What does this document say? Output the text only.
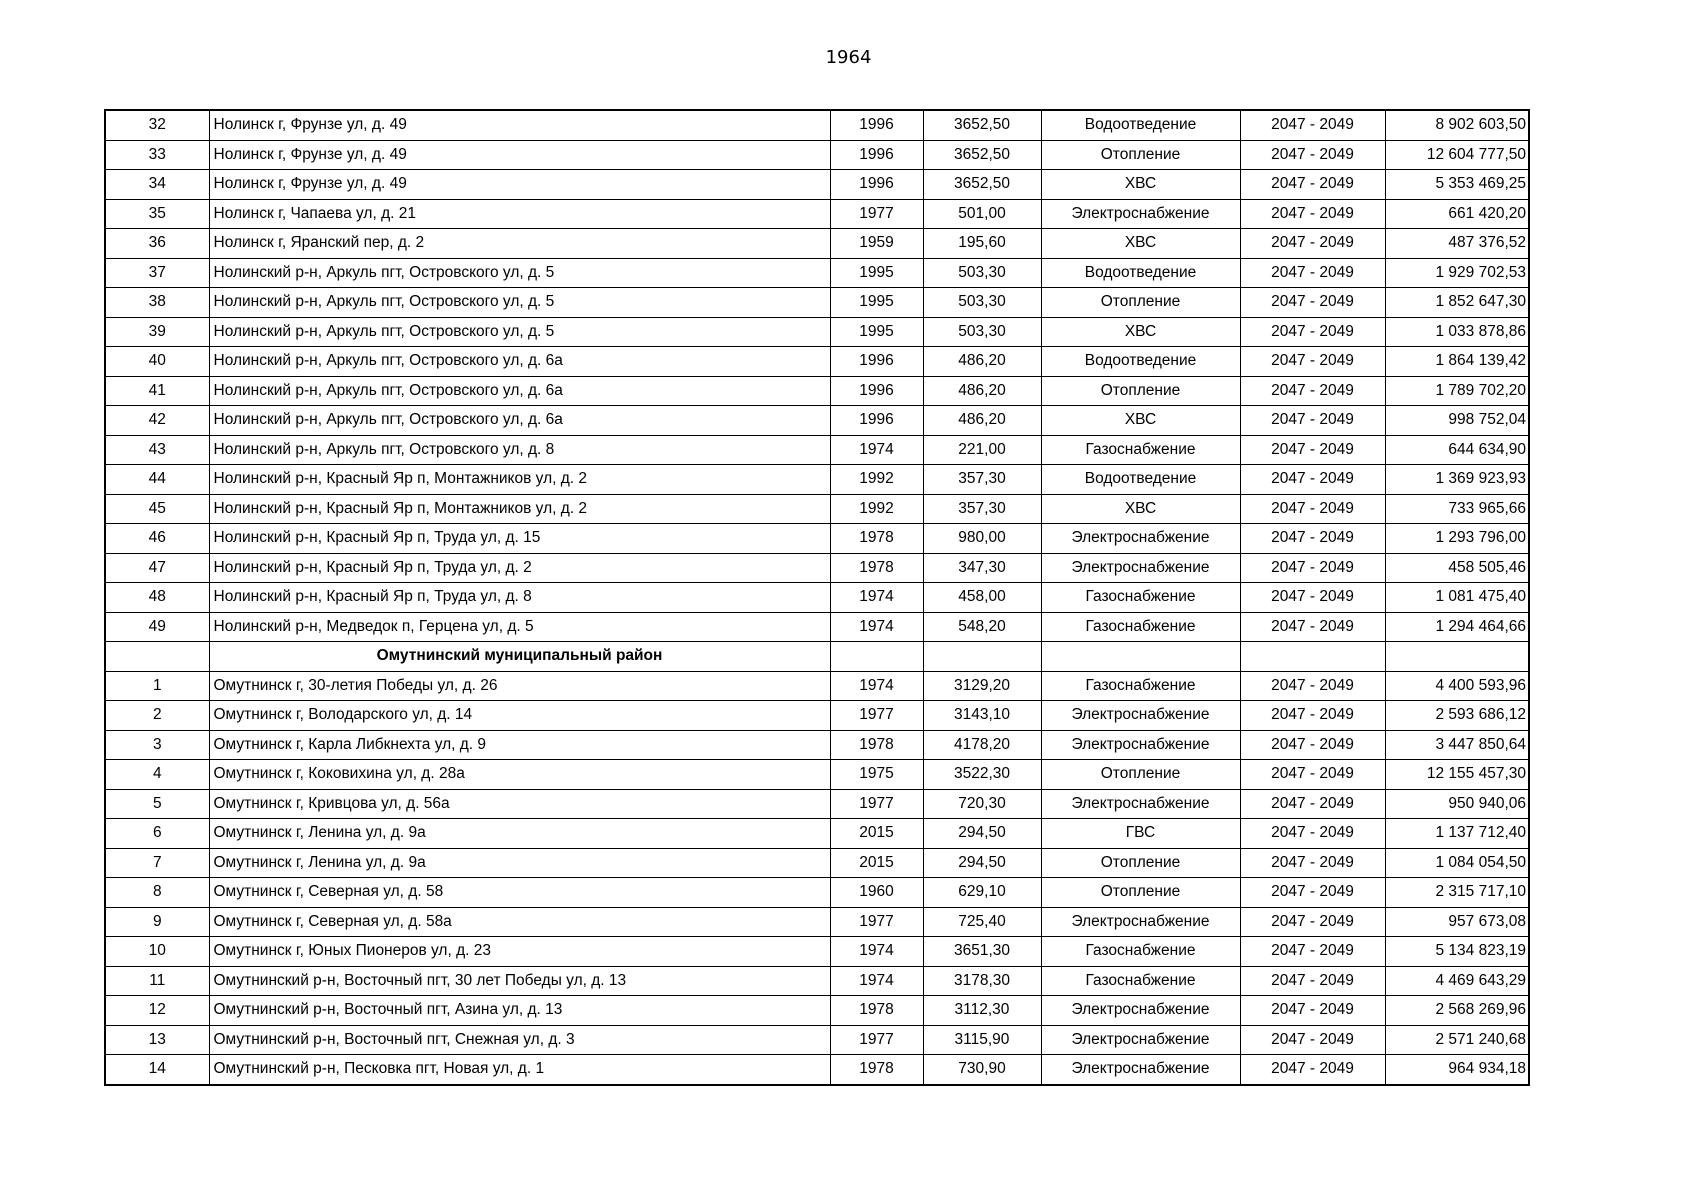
1964
32	Нолинск г, Фрунзе ул, д. 49	1996	3652,50	Водоотведение	2047 - 2049	8 902 603,50
33	Нолинск г, Фрунзе ул, д. 49	1996	3652,50	Отопление	2047 - 2049	12 604 777,50
34	Нолинск г, Фрунзе ул, д. 49	1996	3652,50	ХВС	2047 - 2049	5 353 469,25
35	Нолинск г, Чапаева ул, д. 21	1977	501,00	Электроснабжение	2047 - 2049	661 420,20
36	Нолинск г, Яранский пер, д. 2	1959	195,60	ХВС	2047 - 2049	487 376,52
37	Нолинский р-н, Аркуль пгт, Островского ул, д. 5	1995	503,30	Водоотведение	2047 - 2049	1 929 702,53
38	Нолинский р-н, Аркуль пгт, Островского ул, д. 5	1995	503,30	Отопление	2047 - 2049	1 852 647,30
39	Нолинский р-н, Аркуль пгт, Островского ул, д. 5	1995	503,30	ХВС	2047 - 2049	1 033 878,86
40	Нолинский р-н, Аркуль пгт, Островского ул, д. 6а	1996	486,20	Водоотведение	2047 - 2049	1 864 139,42
41	Нолинский р-н, Аркуль пгт, Островского ул, д. 6а	1996	486,20	Отопление	2047 - 2049	1 789 702,20
42	Нолинский р-н, Аркуль пгт, Островского ул, д. 6а	1996	486,20	ХВС	2047 - 2049	998 752,04
43	Нолинский р-н, Аркуль пгт, Островского ул, д. 8	1974	221,00	Газоснабжение	2047 - 2049	644 634,90
44	Нолинский р-н, Красный Яр п, Монтажников ул, д. 2	1992	357,30	Водоотведение	2047 - 2049	1 369 923,93
45	Нолинский р-н, Красный Яр п, Монтажников ул, д. 2	1992	357,30	ХВС	2047 - 2049	733 965,66
46	Нолинский р-н, Красный Яр п, Труда ул, д. 15	1978	980,00	Электроснабжение	2047 - 2049	1 293 796,00
47	Нолинский р-н, Красный Яр п, Труда ул, д. 2	1978	347,30	Электроснабжение	2047 - 2049	458 505,46
48	Нолинский р-н, Красный Яр п, Труда ул, д. 8	1974	458,00	Газоснабжение	2047 - 2049	1 081 475,40
49	Нолинский р-н, Медведок п, Герцена ул, д. 5	1974	548,20	Газоснабжение	2047 - 2049	1 294 464,66
	Омутнинский муниципальный район					
1	Омутнинск г, 30-летия Победы ул, д. 26	1974	3129,20	Газоснабжение	2047 - 2049	4 400 593,96
2	Омутнинск г, Володарского ул, д. 14	1977	3143,10	Электроснабжение	2047 - 2049	2 593 686,12
3	Омутнинск г, Карла Либкнехта ул, д. 9	1978	4178,20	Электроснабжение	2047 - 2049	3 447 850,64
4	Омутнинск г, Коковихина ул, д. 28а	1975	3522,30	Отопление	2047 - 2049	12 155 457,30
5	Омутнинск г, Кривцова ул, д. 56а	1977	720,30	Электроснабжение	2047 - 2049	950 940,06
6	Омутнинск г, Ленина ул, д. 9а	2015	294,50	ГВС	2047 - 2049	1 137 712,40
7	Омутнинск г, Ленина ул, д. 9а	2015	294,50	Отопление	2047 - 2049	1 084 054,50
8	Омутнинск г, Северная ул, д. 58	1960	629,10	Отопление	2047 - 2049	2 315 717,10
9	Омутнинск г, Северная ул, д. 58а	1977	725,40	Электроснабжение	2047 - 2049	957 673,08
10	Омутнинск г, Юных Пионеров ул, д. 23	1974	3651,30	Газоснабжение	2047 - 2049	5 134 823,19
11	Омутнинский р-н, Восточный пгт, 30 лет Победы ул, д. 13	1974	3178,30	Газоснабжение	2047 - 2049	4 469 643,29
12	Омутнинский р-н, Восточный пгт, Азина ул, д. 13	1978	3112,30	Электроснабжение	2047 - 2049	2 568 269,96
13	Омутнинский р-н, Восточный пгт, Снежная ул, д. 3	1977	3115,90	Электроснабжение	2047 - 2049	2 571 240,68
14	Омутнинский р-н, Песковка пгт, Новая ул, д. 1	1978	730,90	Электроснабжение	2047 - 2049	964 934,18
